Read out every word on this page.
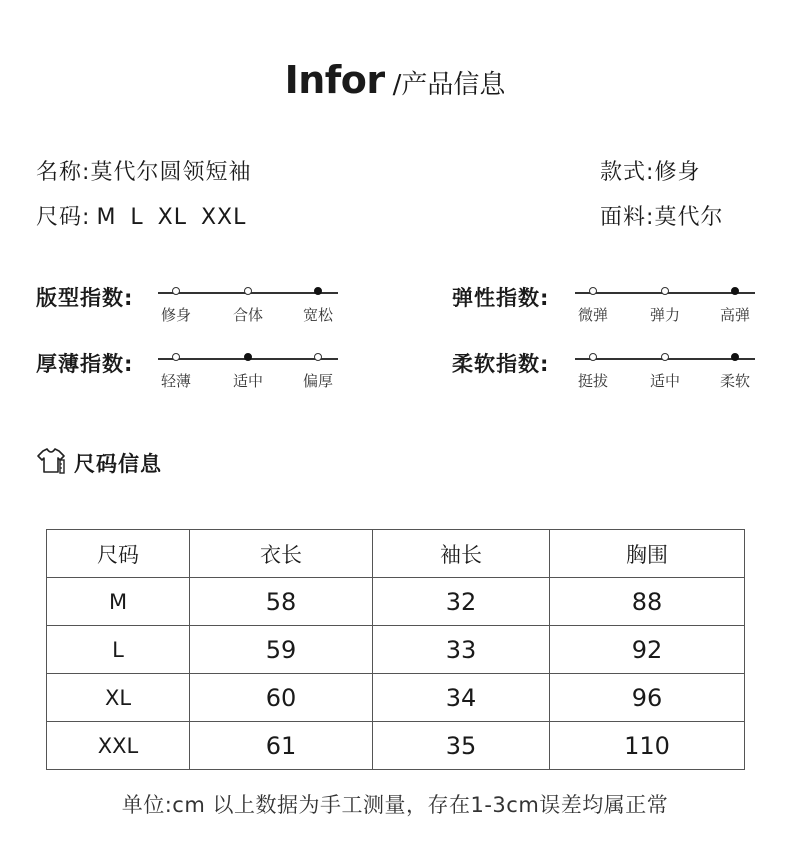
Infor /产品信息
名称:莫代尔圆领短袖
尺码: M L XL XXL
款式:修身
面料:莫代尔
版型指数:
修身	合体	宽松
弹性指数:
微弹	弹力	高弹
厚薄指数:
轻薄	适中	偏厚
柔软指数:
挺拔	适中	柔软
尺码信息
尺码	衣长	袖长	胸围
M	58	32	88
L	59	33	92
XL	60	34	96
XXL	61	35	110
单位:cm 以上数据为手工测量，存在1-3cm误差均属正常
